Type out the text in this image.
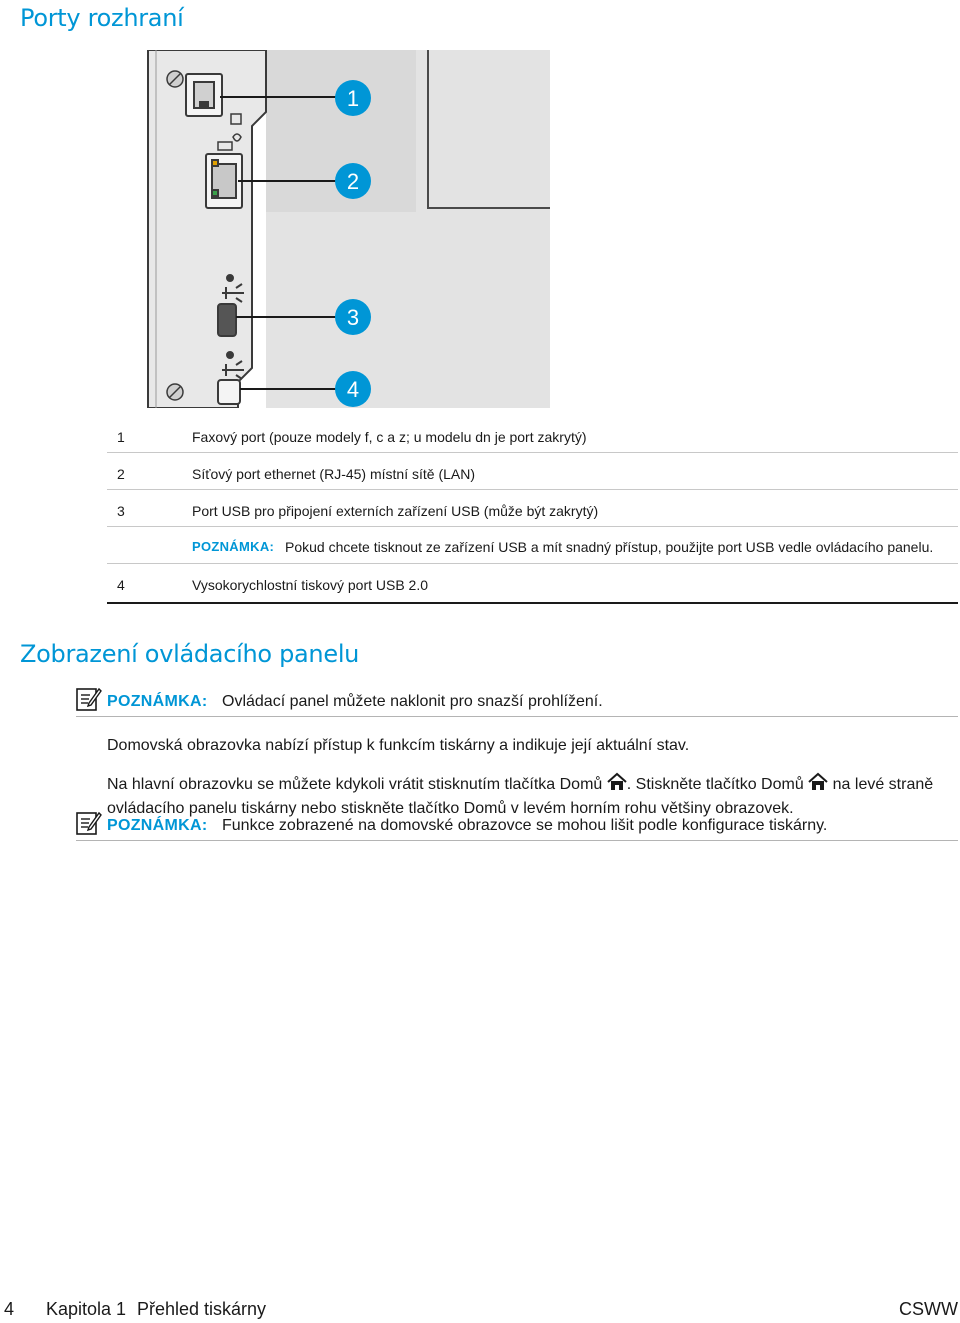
Porty rozhraní
1
2
3
4
1	Faxový port (pouze modely f, c a z; u modelu dn je port zakrytý)
2	Síťový port ethernet (RJ-45) místní sítě (LAN)
3	Port USB pro připojení externích zařízení USB (může být zakrytý)
POZNÁMKA: Pokud chcete tisknout ze zařízení USB a mít snadný přístup, použijte port USB vedle ovládacího panelu.
4	Vysokorychlostní tiskový port USB 2.0
Zobrazení ovládacího panelu
POZNÁMKA: Ovládací panel můžete naklonit pro snazší prohlížení.
Domovská obrazovka nabízí přístup k funkcím tiskárny a indikuje její aktuální stav.
Na hlavní obrazovku se můžete kdykoli vrátit stisknutím tlačítka Domů . Stiskněte tlačítko Domů na levé straně ovládacího panelu tiskárny nebo stiskněte tlačítko Domů v levém horním rohu většiny obrazovek.
POZNÁMKA: Funkce zobrazené na domovské obrazovce se mohou lišit podle konfigurace tiskárny.
4 Kapitola 1 Přehled tiskárny	CSWW
